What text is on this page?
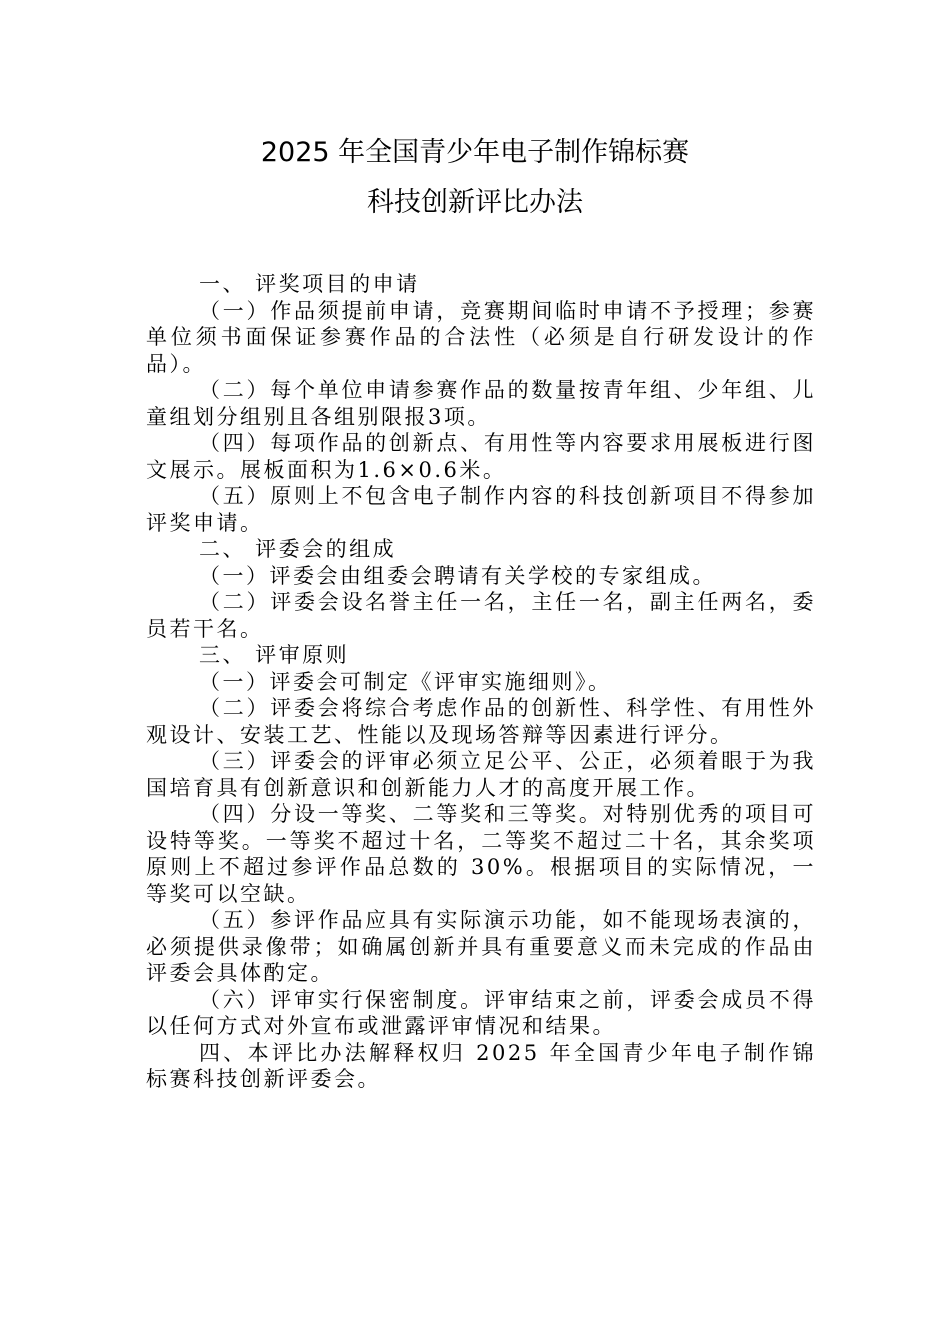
2025 年全国青少年电子制作锦标赛
科技创新评比办法

一、 评奖项目的申请

（一）作品须提前申请，竞赛期间临时申请不予授理；参赛单位须书面保证参赛作品的合法性（必须是自行研发设计的作品）。

（二）每个单位申请参赛作品的数量按青年组、少年组、儿童组划分组别且各组别限报3项。

（四）每项作品的创新点、有用性等内容要求用展板进行图文展示。展板面积为1.6×0.6米。

（五）原则上不包含电子制作内容的科技创新项目不得参加评奖申请。

二、 评委会的组成

（一）评委会由组委会聘请有关学校的专家组成。

（二）评委会设名誉主任一名，主任一名，副主任两名，委员若干名。

三、 评审原则

（一）评委会可制定《评审实施细则》。

（二）评委会将综合考虑作品的创新性、科学性、有用性外观设计、安装工艺、性能以及现场答辩等因素进行评分。

（三）评委会的评审必须立足公平、公正，必须着眼于为我国培育具有创新意识和创新能力人才的高度开展工作。

（四）分设一等奖、二等奖和三等奖。对特别优秀的项目可设特等奖。一等奖不超过十名，二等奖不超过二十名，其余奖项原则上不超过参评作品总数的 30%。根据项目的实际情况，一等奖可以空缺。

（五）参评作品应具有实际演示功能，如不能现场表演的，必须提供录像带；如确属创新并具有重要意义而未完成的作品由评委会具体酌定。

（六）评审实行保密制度。评审结束之前，评委会成员不得以任何方式对外宣布或泄露评审情况和结果。

四、本评比办法解释权归 2025 年全国青少年电子制作锦标赛科技创新评委会。
